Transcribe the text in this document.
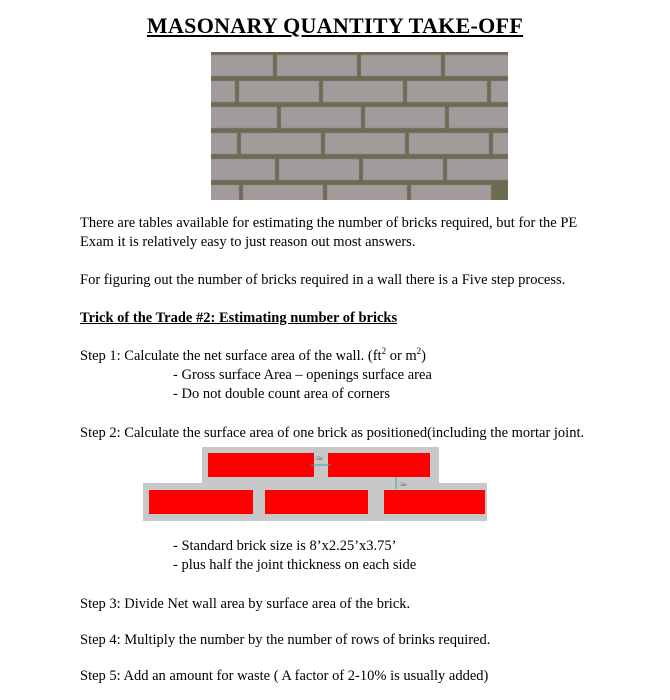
MASONARY QUANTITY TAKE-OFF
There are tables available for estimating the number of bricks required, but for the PE
Exam it is relatively easy to just reason out most answers.
For figuring out the number of bricks required in a wall there is a Five step process.
Trick of the Trade #2: Estimating number of bricks
Step 1: Calculate the net surface area of the wall. ($ft^2$ or $m^2$)
- Gross surface Area – openings surface area
- Do not double count area of corners
Step 2: Calculate the surface area of one brick as positioned(including the mortar joint.
.5in
.5in
- Standard brick size is 8’x2.25’x3.75’
- plus half the joint thickness on each side
Step 3: Divide Net wall area by surface area of the brick.
Step 4: Multiply the number by the number of rows of brinks required.
Step 5: Add an amount for waste ( A factor of 2-10% is usually added)
